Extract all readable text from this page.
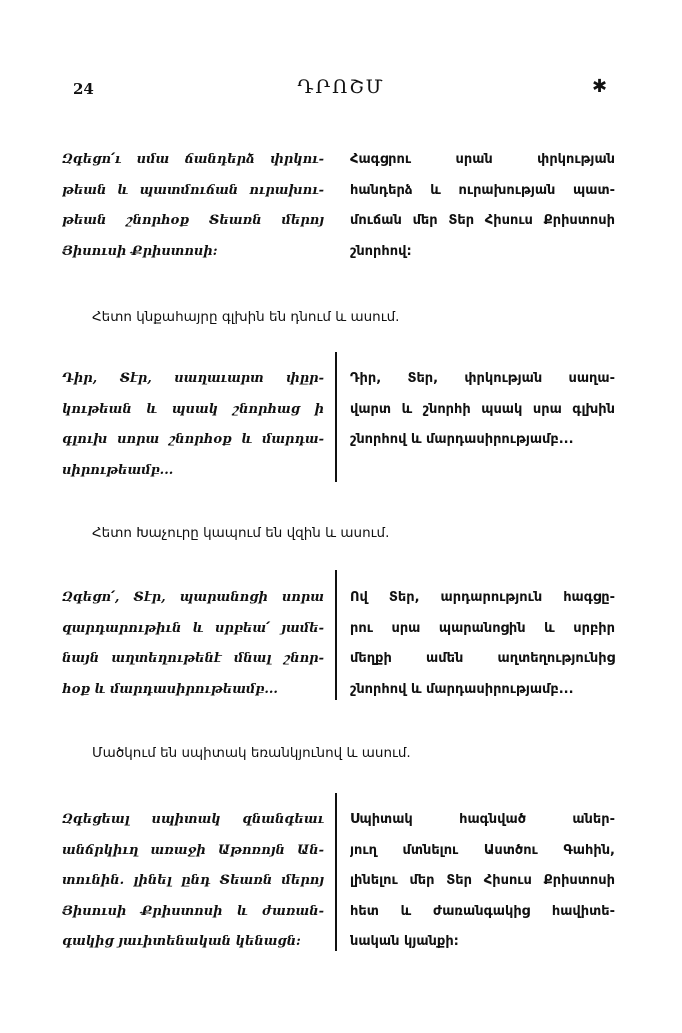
24	ԴՐՈՇՄ	✱
Զգեցո՛ւ սմա ճանդերձ փրկու-
թեան և պատմուճան ուրախու-
թեան շնորհօք Տեառն մերոյ
Յիսուսի Քրիստոսի:
Հագցրու սրան փրկության
հանդերձ և ուրախության պատ-
մուճան մեր Տեր Հիսուս Քրիստոսի
շնորհով:
Հետո կնքահայրը գլխին են դնում և ասում.
Դիր, Տէր, սաղաւարտ փըր-
կութեան և պսակ շնորհաց ի
գլուխ սորա շնորհօք և մարդա-
սիրութեամբ...
Դիր, Տեր, փրկության սաղա-
վարտ և շնորհի պսակ սրա գլխին
շնորհով և մարդասիրությամբ...
Հետո Խաչուրը կապում են վզին և ասում.
Զգեցո՛, Տէր, պարանոցի սորա
զարդարութիւն և սրբեա՛ յամե-
նայն աղտեղութենէ մնալ շնոր-
հօք և մարդասիրութեամբ...
Ով Տեր, արդարություն հագցը-
րու սրա պարանոցին և սրբիր
մեղքի ամեն աղտեղությունից
շնորհով և մարդասիրությամբ...
Մածկում են սպիտակ եռանկյունով և ասում.
Զգեցեալ սպիտակ զնանգեաւ
անճրկիւղ առաջի Աթոռոյն Ան-
տունին. լինել ընդ Տեառն մերոյ
Յիսուսի Քրիստոսի և ժառան-
գակից յաւիտենական կենացն:
Սպիտակ հագնված աներ-
յուղ մտնելու Աստծու Գահին,
լինելու մեր Տեր Հիսուս Քրիստոսի
հետ և ժառանգակից հավիտե-
նական կյանքի:
